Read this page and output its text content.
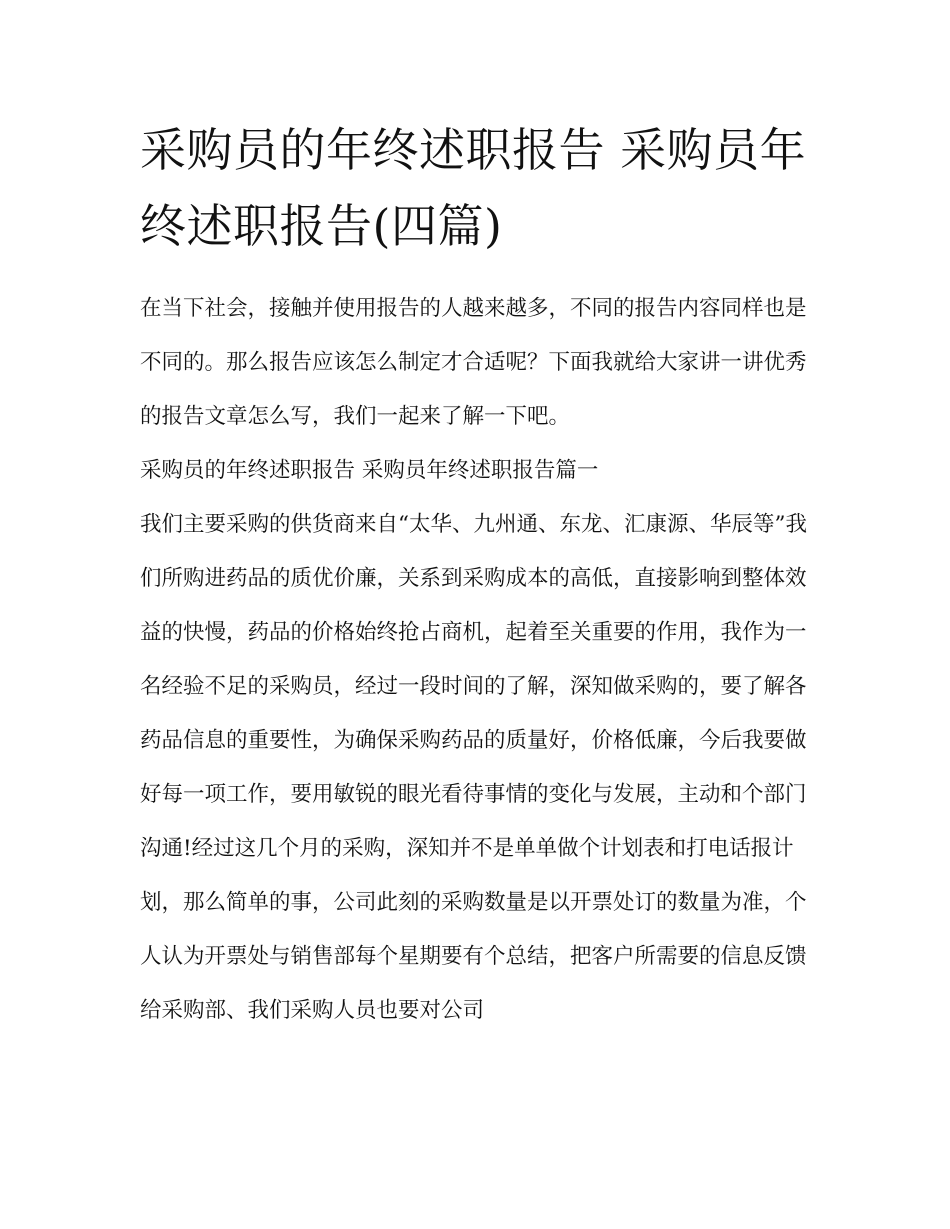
采购员的年终述职报告 采购员年终述职报告(四篇)

在当下社会，接触并使用报告的人越来越多，不同的报告内容同样也是不同的。那么报告应该怎么制定才合适呢？下面我就给大家讲一讲优秀的报告文章怎么写，我们一起来了解一下吧。

采购员的年终述职报告 采购员年终述职报告篇一

我们主要采购的供货商来自“太华、九州通、东龙、汇康源、华辰等”我们所购进药品的质优价廉，关系到采购成本的高低，直接影响到整体效益的快慢，药品的价格始终抢占商机，起着至关重要的作用，我作为一名经验不足的采购员，经过一段时间的了解，深知做采购的，要了解各药品信息的重要性，为确保采购药品的质量好，价格低廉，今后我要做好每一项工作，要用敏锐的眼光看待事情的变化与发展，主动和个部门沟通!经过这几个月的采购，深知并不是单单做个计划表和打电话报计划，那么简单的事，公司此刻的采购数量是以开票处订的数量为准，个人认为开票处与销售部每个星期要有个总结，把客户所需要的信息反馈给采购部、我们采购人员也要对公司
